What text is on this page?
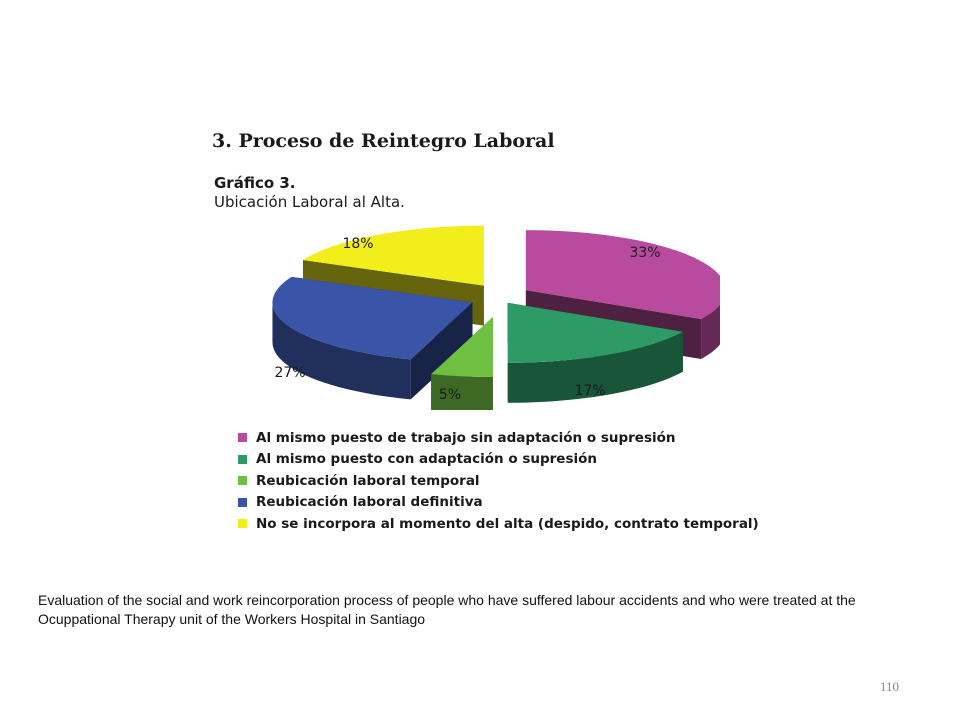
3. Proceso de Reintegro Laboral
Gráfico 3.
Ubicación Laboral al Alta.
33%
17%
5%
27%
18%
Al mismo puesto de trabajo sin adaptación o supresión
Al mismo puesto con adaptación o supresión
Reubicación laboral temporal
Reubicación laboral definitiva
No se incorpora al momento del alta (despido, contrato temporal)
Evaluation of the social and work reincorporation process of people who have suffered labour accidents and who were treated at the Ocuppational Therapy unit of the Workers Hospital in Santiago
110
